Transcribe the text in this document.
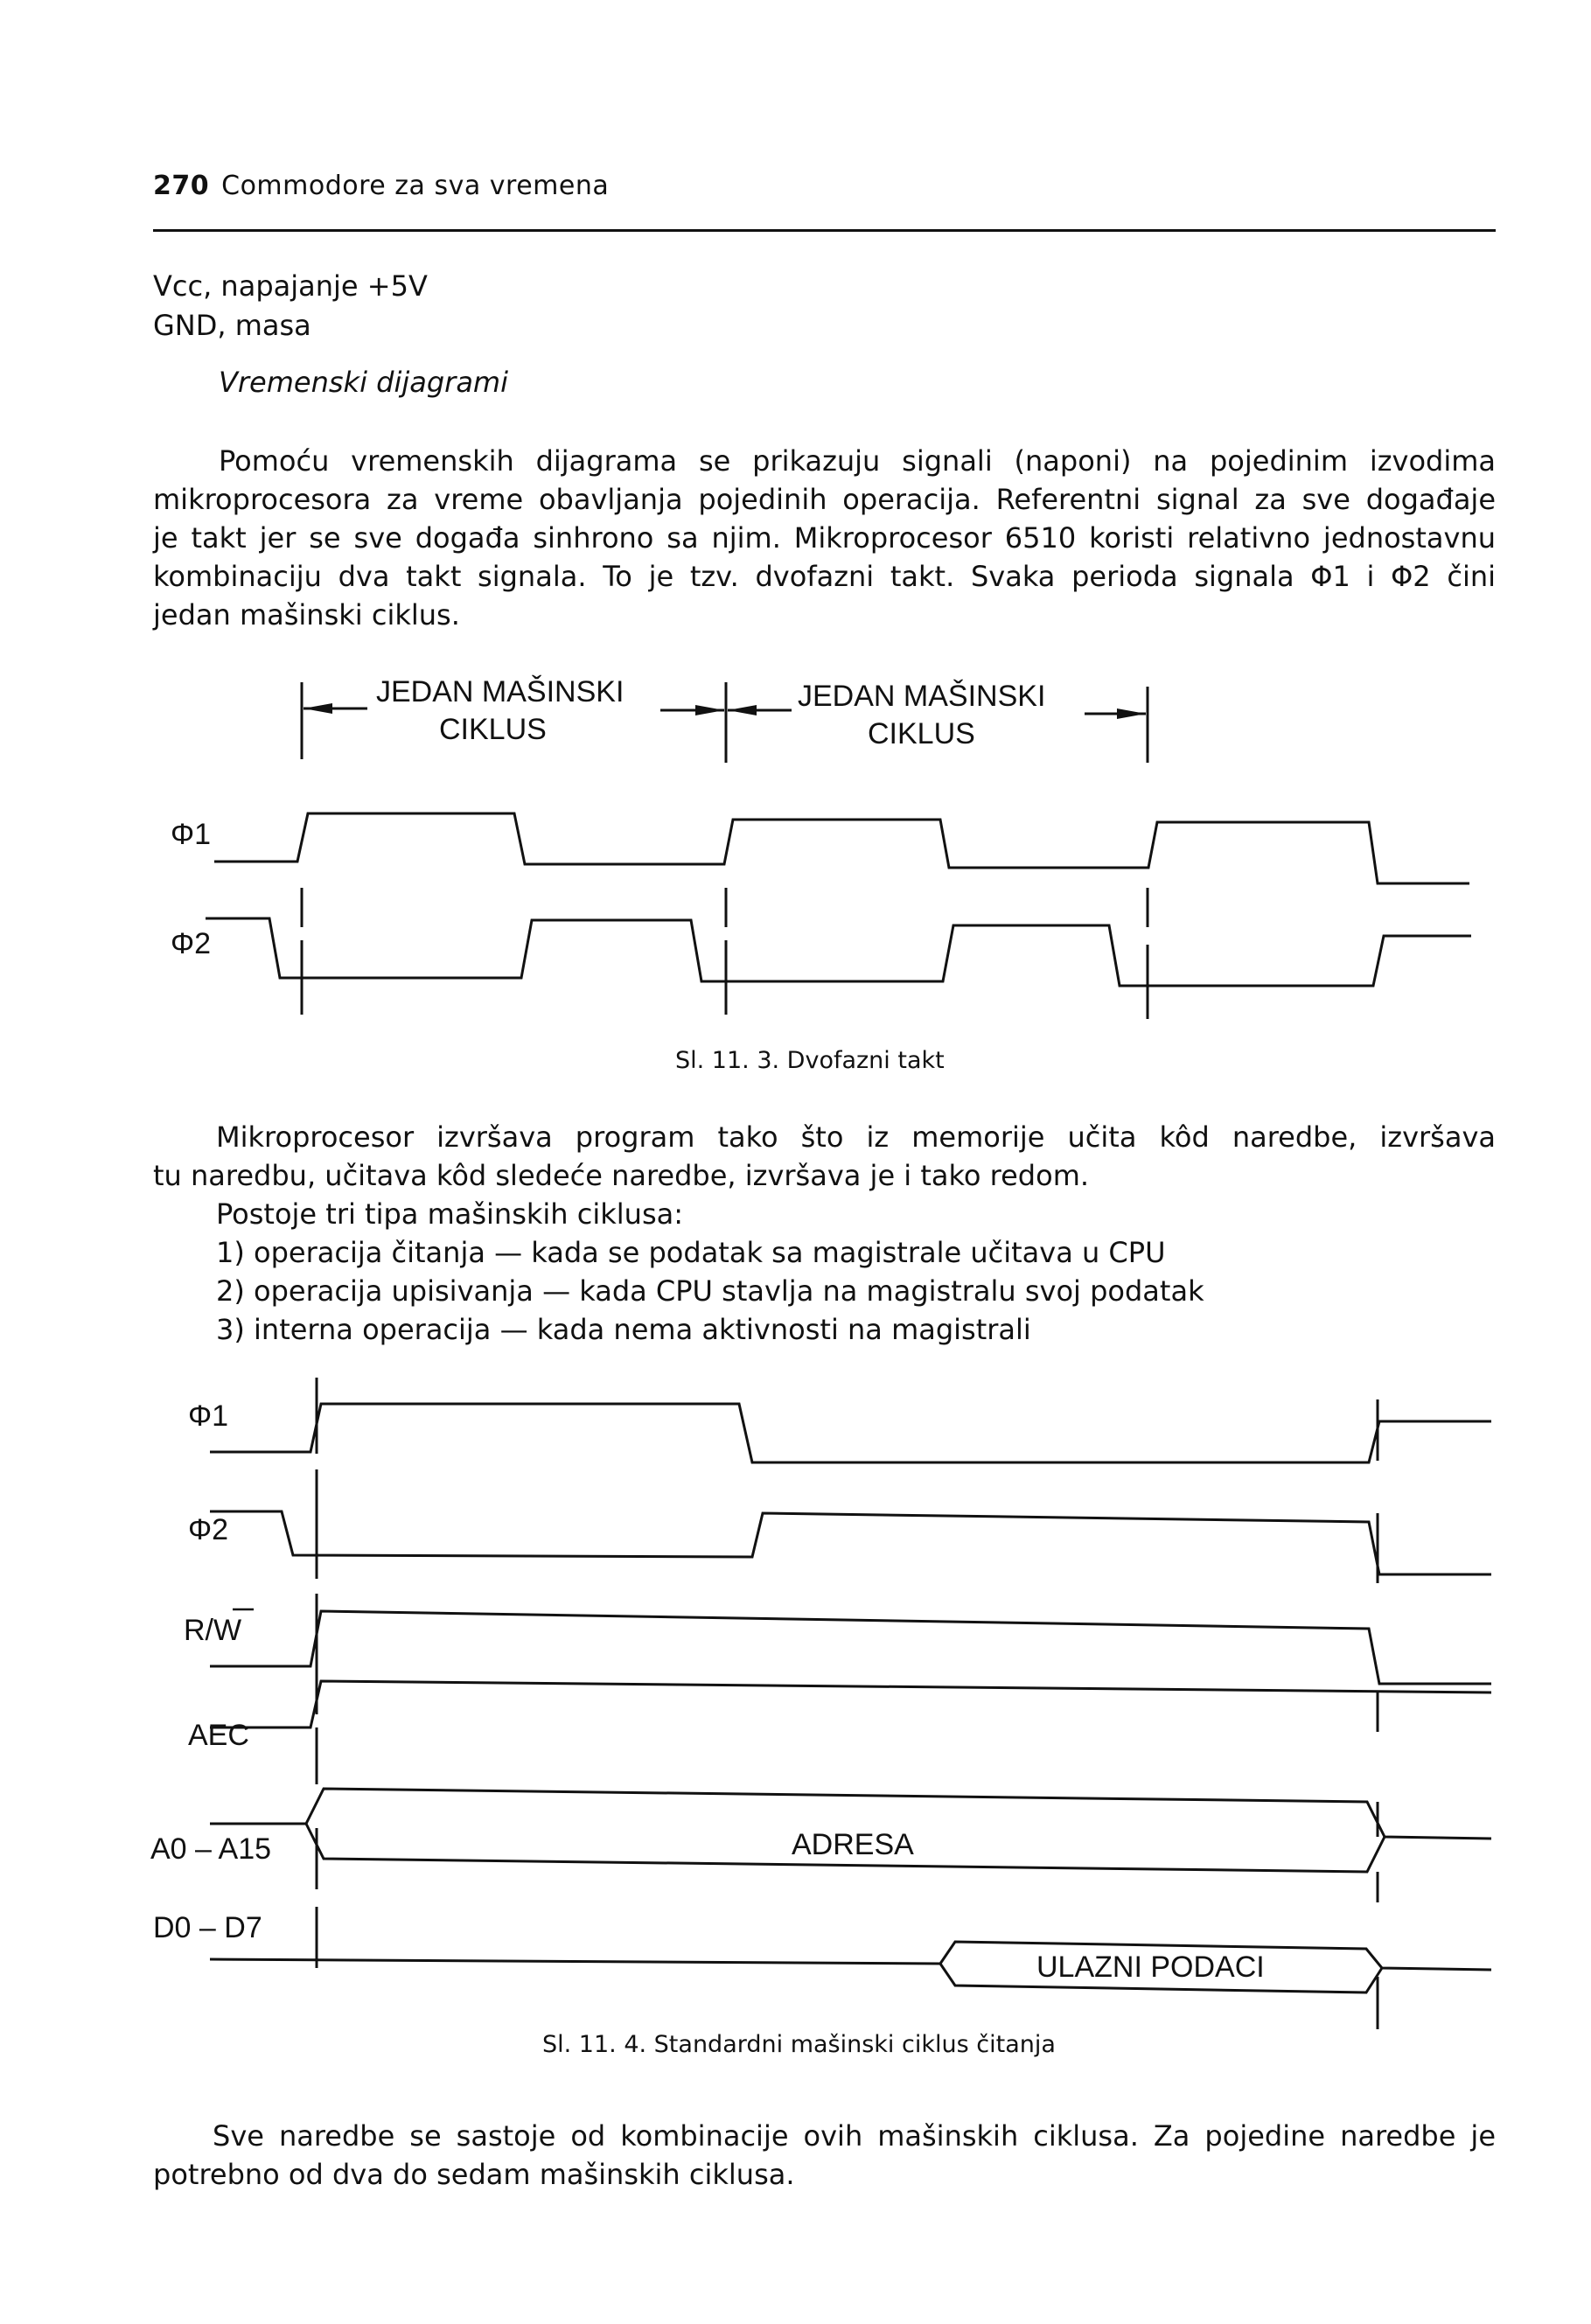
270 Commodore za sva vremena
Vcc, napajanje +5V
GND, masa
Vremenski dijagrami
Pomoću vremenskih dijagrama se prikazuju signali (naponi) na pojedinim izvodima
mikroprocesora za vreme obavljanja pojedinih operacija. Referentni signal za sve događaje
je takt jer se sve događa sinhrono sa njim. Mikroprocesor 6510 koristi relativno jednostavnu
kombinaciju dva takt signala. To je tzv. dvofazni takt. Svaka perioda signala Φ1 i Φ2 čini
jedan mašinski ciklus.
JEDAN MAŠINSKI
CIKLUS
JEDAN MAŠINSKI
CIKLUS
Φ1
Φ2
Sl. 11. 3. Dvofazni takt
Mikroprocesor izvršava program tako što iz memorije učita kôd naredbe, izvršava
tu naredbu, učitava kôd sledeće naredbe, izvršava je i tako redom.
Postoje tri tipa mašinskih ciklusa:
1) operacija čitanja — kada se podatak sa magistrale učitava u CPU
2) operacija upisivanja — kada CPU stavlja na magistralu svoj podatak
3) interna operacija — kada nema aktivnosti na magistrali
Φ1
Φ2
R/W
AEC
A0 – A15
D0 – D7
ADRESA
ULAZNI PODACI
Sl. 11. 4. Standardni mašinski ciklus čitanja
Sve naredbe se sastoje od kombinacije ovih mašinskih ciklusa. Za pojedine naredbe je
potrebno od dva do sedam mašinskih ciklusa.
